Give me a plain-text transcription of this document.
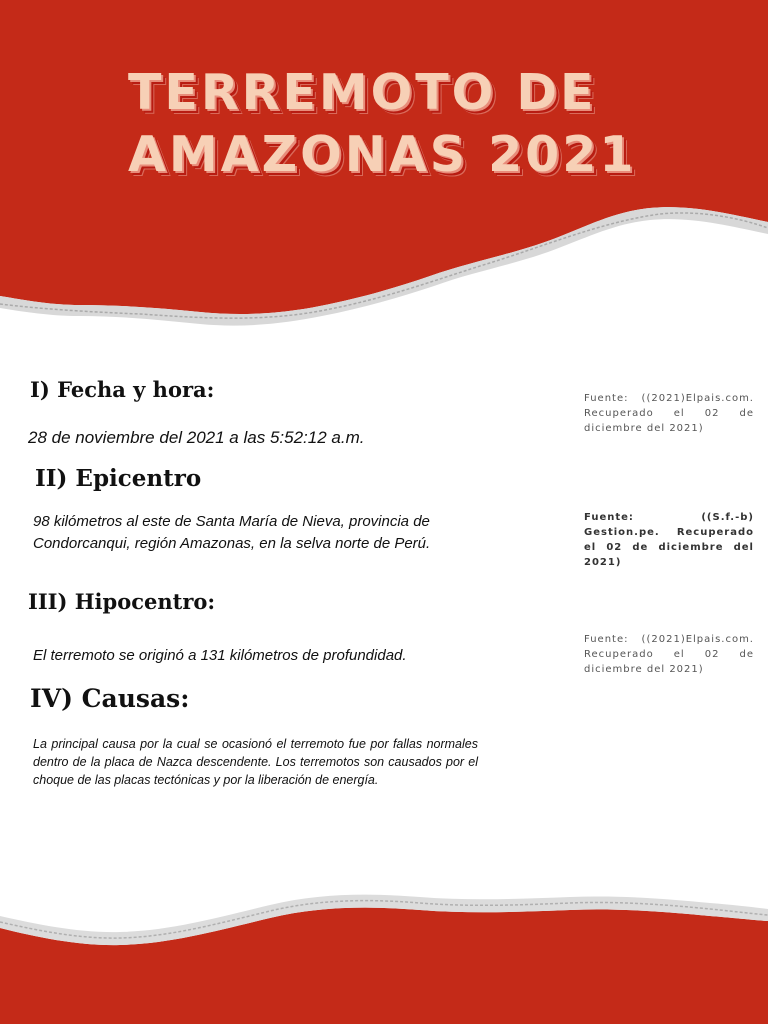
TERREMOTO DE
AMAZONAS 2021
I) Fecha y hora:
28 de noviembre del 2021 a las 5:52:12 a.m.
Fuente: ((2021)Elpais.com. Recuperado el 02 de diciembre del 2021)
II) Epicentro
98 kilómetros al este de Santa María de Nieva, provincia de Condorcanqui, región Amazonas, en la selva norte de Perú.
Fuente: ((S.f.-b) Gestion.pe. Recuperado el 02 de diciembre del 2021)
III) Hipocentro:
El terremoto se originó a 131 kilómetros de profundidad.
Fuente: ((2021)Elpais.com. Recuperado el 02 de diciembre del 2021)
IV) Causas:
La principal causa por la cual se ocasionó el terremoto fue por fallas normales dentro de la placa de Nazca descendente. Los terremotos son causados por el choque de las placas tectónicas y por la liberación de energía.
